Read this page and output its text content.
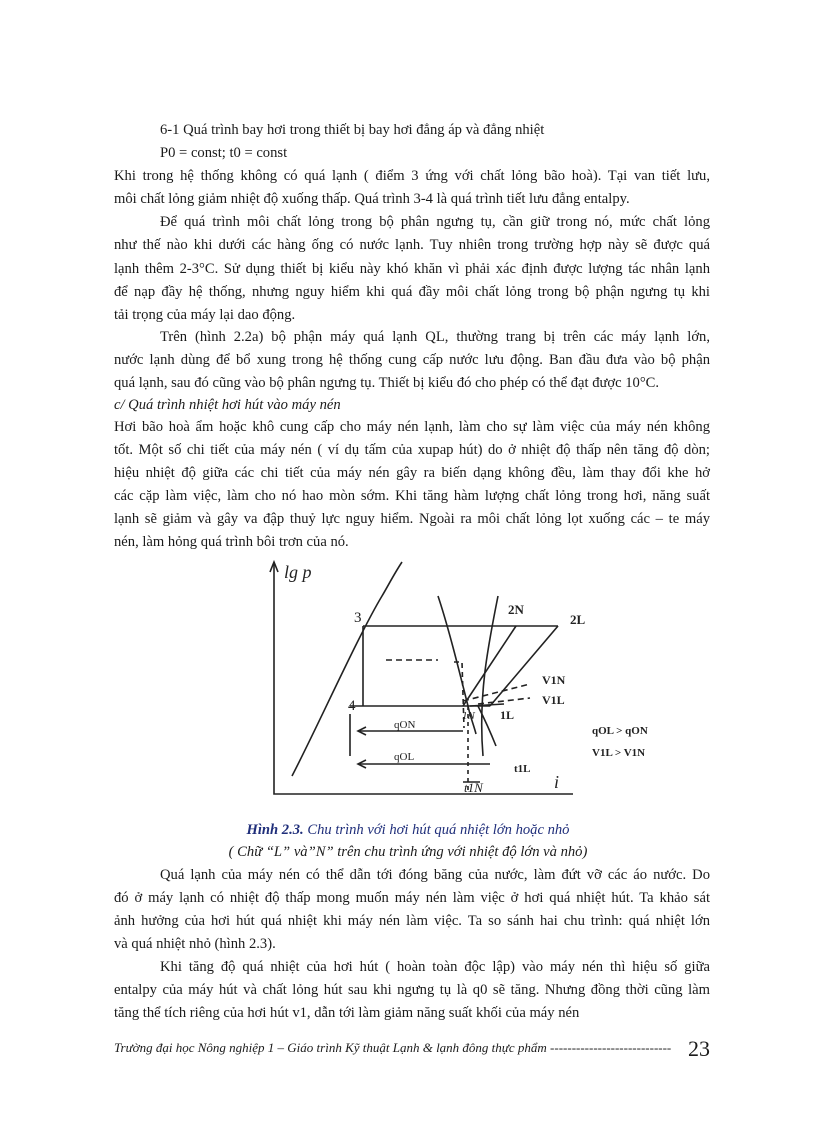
6-1 Quá trình bay hơi trong thiết bị bay hơi đẳng áp và đẳng nhiệt
P0 = const; t0 = const
Khi trong hệ thống không có quá lạnh ( điểm 3 ứng với chất lỏng bão hoà). Tại van tiết lưu,
môi chất lỏng giảm nhiệt độ xuống thấp. Quá trình 3-4 là quá trình tiết lưu đẳng entalpy.
Để quá trình môi chất lỏng trong bộ phân ngưng tụ, cần giữ trong nó, mức chất lỏng
như thế nào khi dưới các hàng ống có nước lạnh. Tuy nhiên trong trường hợp này sẽ được quá
lạnh thêm 2-3°C. Sử dụng thiết bị kiểu này khó khăn vì phải xác định được lượng tác nhân lạnh
để nạp đầy hệ thống, nhưng nguy hiểm khi quá đầy môi chất lỏng trong bộ phận ngưng tụ khi
tải trọng của máy lại dao động.
Trên (hình 2.2a) bộ phận máy quá lạnh QL, thường trang bị trên các máy lạnh lớn,
nước lạnh dùng để bổ xung trong hệ thống cung cấp nước lưu động. Ban đầu đưa vào bộ phận
quá lạnh, sau đó cũng vào bộ phân ngưng tụ. Thiết bị kiểu đó cho phép có thể đạt được 10°C.
c/ Quá trình nhiệt hơi hút vào máy nén
Hơi bão hoà ẩm hoặc khô cung cấp cho máy nén lạnh, làm cho sự làm việc của máy nén không
tốt. Một số chi tiết của máy nén ( ví dụ tấm của xupap hút) do ở nhiệt độ thấp nên tăng độ dòn;
hiệu nhiệt độ giữa các chi tiết của máy nén gây ra biến dạng không đều, làm thay đổi khe hở
các cặp làm việc, làm cho nó hao mòn sớm. Khi tăng hàm lượng chất lỏng trong hơi, năng suất
lạnh sẽ giảm và gây va đập thuỷ lực nguy hiểm. Ngoài ra môi chất lỏng lọt xuống các – te máy
nén, làm hỏng quá trình bôi trơn của nó.
lg p
i
3
4
2N
2L
V1N
V1L
1N 1L
qON
qOL
t1L
t1N
qOL > qON
V1L > V1N
Hình 2.3. Chu trình với hơi hút quá nhiệt lớn hoặc nhỏ
( Chữ “L” và”N” trên chu trình ứng với nhiệt độ lớn và nhỏ)
Quá lạnh của máy nén có thể dẫn tới đóng băng của nước, làm đứt vỡ các áo nước. Do
đó ở máy lạnh có nhiệt độ thấp mong muốn máy nén làm việc ở hơi quá nhiệt hút. Ta khảo sát
ảnh hưởng của hơi hút quá nhiệt khi máy nén làm việc. Ta so sánh hai chu trình: quá nhiệt lớn
và quá nhiệt nhỏ (hình 2.3).
Khi tăng độ quá nhiệt của hơi hút ( hoàn toàn độc lập) vào máy nén thì hiệu số giữa
entalpy của máy hút và chất lỏng hút sau khi ngưng tụ là q0 sẽ tăng. Nhưng đồng thời cũng làm
tăng thể tích riêng của hơi hút v1, dẫn tới làm giảm năng suất khối của máy nén
Trường đại học Nông nghiệp 1 – Giáo trình Kỹ thuật Lạnh & lạnh đông thực phẩm ---------------------------- 23
